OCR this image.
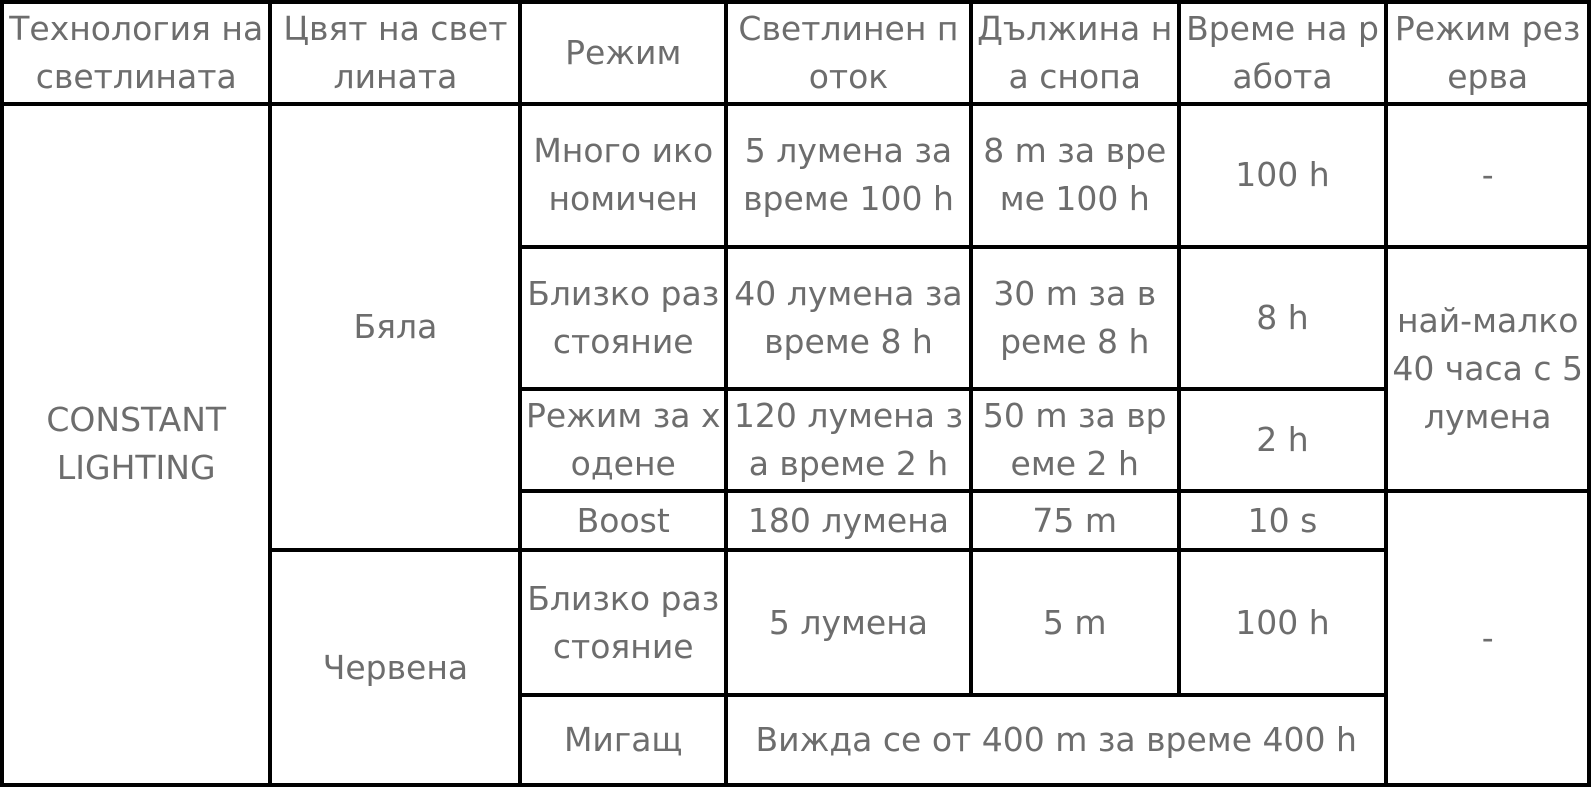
Технология на светлината	Цвят на светлината	Режим	Светлинен поток	Дължина на снопа	Време на работа	Режим резерва
CONSTANT LIGHTING	Бяла	Много икономичен	5 лумена за време 100 h	8 m за време 100 h	100 h	-
		Близко разстояние	40 лумена за време 8 h	30 m за време 8 h	8 h	най-малко 40 часа с 5 лумена
		Режим за ходене	120 лумена за време 2 h	50 m за време 2 h	2 h	
		Boost	180 лумена	75 m	10 s	-
	Червена	Близко разстояние	5 лумена	5 m	100 h	
		Мигащ	Вижда се от 400 m за време 400 h			
